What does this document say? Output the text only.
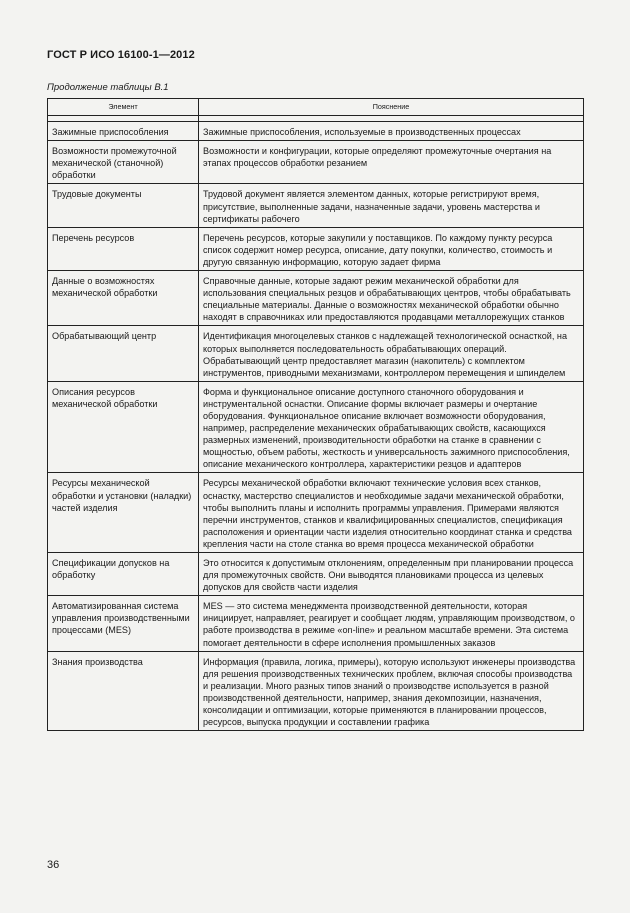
ГОСТ Р ИСО 16100-1—2012
Продолжение таблицы В.1
Элемент	Пояснение

Зажимные приспособления	Зажимные приспособления, используемые в производственных процессах
Возможности промежуточной механической (станочной) обработки	Возможности и конфигурации, которые определяют промежуточные очертания на этапах процессов обработки резанием
Трудовые документы	Трудовой документ является элементом данных, которые регистрируют время, присутствие, выполненные задачи, назначенные задачи, уровень мастерства и сертификаты рабочего
Перечень ресурсов	Перечень ресурсов, которые закупили у поставщиков. По каждому пункту ресурса список содержит номер ресурса, описание, дату покупки, количество, стоимость и другую связанную информацию, которую задает фирма
Данные о возможностях механической обработки	Справочные данные, которые задают режим механической обработки для использования специальных резцов и обрабатывающих центров, чтобы обрабатывать специальные материалы. Данные о возможностях механической обработки обычно находят в справочниках или предоставляются продавцами металлорежущих станков
Обрабатывающий центр	Идентификация многоцелевых станков с надлежащей технологической оснасткой, на которых выполняется последовательность обрабатывающих операций. Обрабатывающий центр предоставляет магазин (накопитель) с комплектом инструментов, приводными механизмами, контроллером перемещения и шпинделем
Описания ресурсов механической обработки	Форма и функциональное описание доступного станочного оборудования и инструментальной оснастки. Описание формы включает размеры и очертание оборудования. Функциональное описание включает возможности оборудования, например, распределение механических обрабатывающих свойств, касающихся размерных изменений, производительности обработки на станке в сравнении с мощностью, объем работы, жесткость и универсальность зажимного приспособления, описание механического контроллера, характеристики резцов и адаптеров
Ресурсы механической обработки и установки (наладки) частей изделия	Ресурсы механической обработки включают технические условия всех станков, оснастку, мастерство специалистов и необходимые задачи механической обработки, чтобы выполнить планы и исполнить программы управления. Примерами являются перечни инструментов, станков и квалифицированных специалистов, спецификация расположения и ориентации части изделия относительно координат станка и средства крепления части на столе станка во время процесса механической обработки
Спецификации допусков на обработку	Это относится к допустимым отклонениям, определенным при планировании процесса для промежуточных свойств. Они выводятся плановиками процесса из целевых допусков для свойств части изделия
Автоматизированная система управления производственными процессами (MES)	MES — это система менеджмента производственной деятельности, которая инициирует, направляет, реагирует и сообщает людям, управляющим производством, о работе производства в режиме «on-line» и реальном масштабе времени. Эта система помогает деятельности в сфере исполнения промышленных заказов
Знания производства	Информация (правила, логика, примеры), которую используют инженеры производства для решения производственных технических проблем, включая способы производства и реализации. Много разных типов знаний о производстве используется в разной производственной деятельности, например, знания декомпозиции, назначения, консолидации и оптимизации, которые применяются в планировании процессов, ресурсов, выпуска продукции и составлении графика
36
